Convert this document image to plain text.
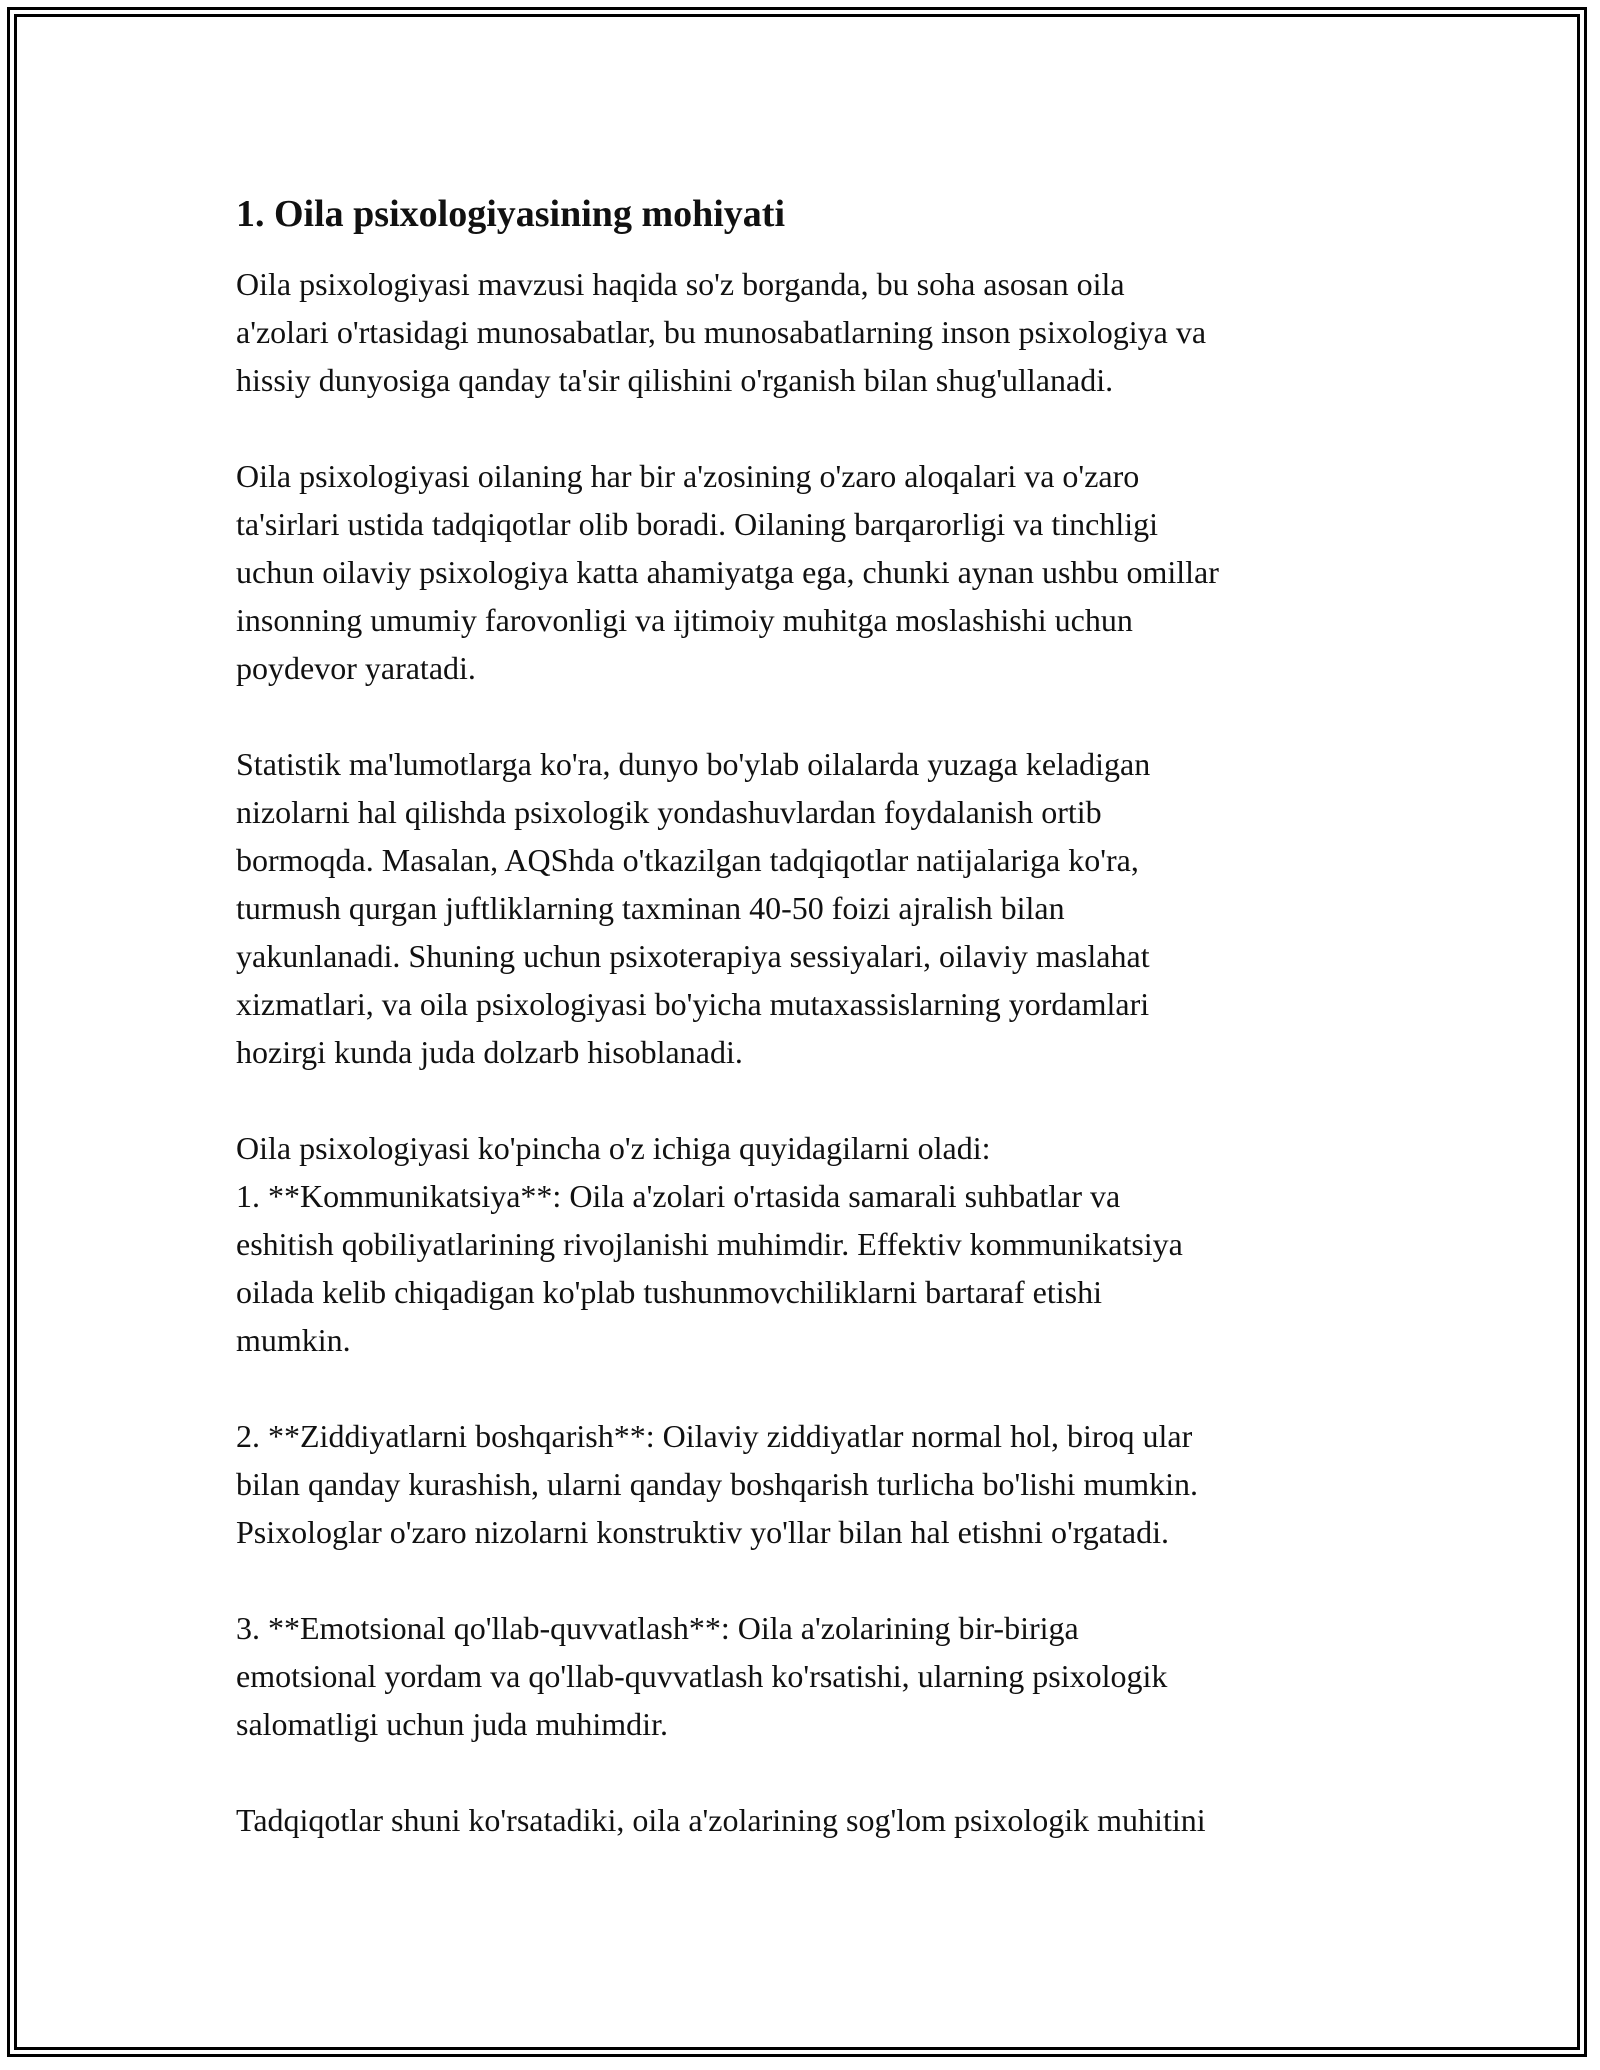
1. Oila psixologiyasining mohiyati

Oila psixologiyasi mavzusi haqida so'z borganda, bu soha asosan oila
a'zolari o'rtasidagi munosabatlar, bu munosabatlarning inson psixologiya va
hissiy dunyosiga qanday ta'sir qilishini o'rganish bilan shug'ullanadi.

Oila psixologiyasi oilaning har bir a'zosining o'zaro aloqalari va o'zaro
ta'sirlari ustida tadqiqotlar olib boradi. Oilaning barqarorligi va tinchligi
uchun oilaviy psixologiya katta ahamiyatga ega, chunki aynan ushbu omillar
insonning umumiy farovonligi va ijtimoiy muhitga moslashishi uchun
poydevor yaratadi.

Statistik ma'lumotlarga ko'ra, dunyo bo'ylab oilalarda yuzaga keladigan
nizolarni hal qilishda psixologik yondashuvlardan foydalanish ortib
bormoqda. Masalan, AQShda o'tkazilgan tadqiqotlar natijalariga ko'ra,
turmush qurgan juftliklarning taxminan 40-50 foizi ajralish bilan
yakunlanadi. Shuning uchun psixoterapiya sessiyalari, oilaviy maslahat
xizmatlari, va oila psixologiyasi bo'yicha mutaxassislarning yordamlari
hozirgi kunda juda dolzarb hisoblanadi.

Oila psixologiyasi ko'pincha o'z ichiga quyidagilarni oladi:
1. **Kommunikatsiya**: Oila a'zolari o'rtasida samarali suhbatlar va
eshitish qobiliyatlarining rivojlanishi muhimdir. Effektiv kommunikatsiya
oilada kelib chiqadigan ko'plab tushunmovchiliklarni bartaraf etishi
mumkin.

2. **Ziddiyatlarni boshqarish**: Oilaviy ziddiyatlar normal hol, biroq ular
bilan qanday kurashish, ularni qanday boshqarish turlicha bo'lishi mumkin.
Psixologlar o'zaro nizolarni konstruktiv yo'llar bilan hal etishni o'rgatadi.

3. **Emotsional qo'llab-quvvatlash**: Oila a'zolarining bir-biriga
emotsional yordam va qo'llab-quvvatlash ko'rsatishi, ularning psixologik
salomatligi uchun juda muhimdir.

Tadqiqotlar shuni ko'rsatadiki, oila a'zolarining sog'lom psixologik muhitini
